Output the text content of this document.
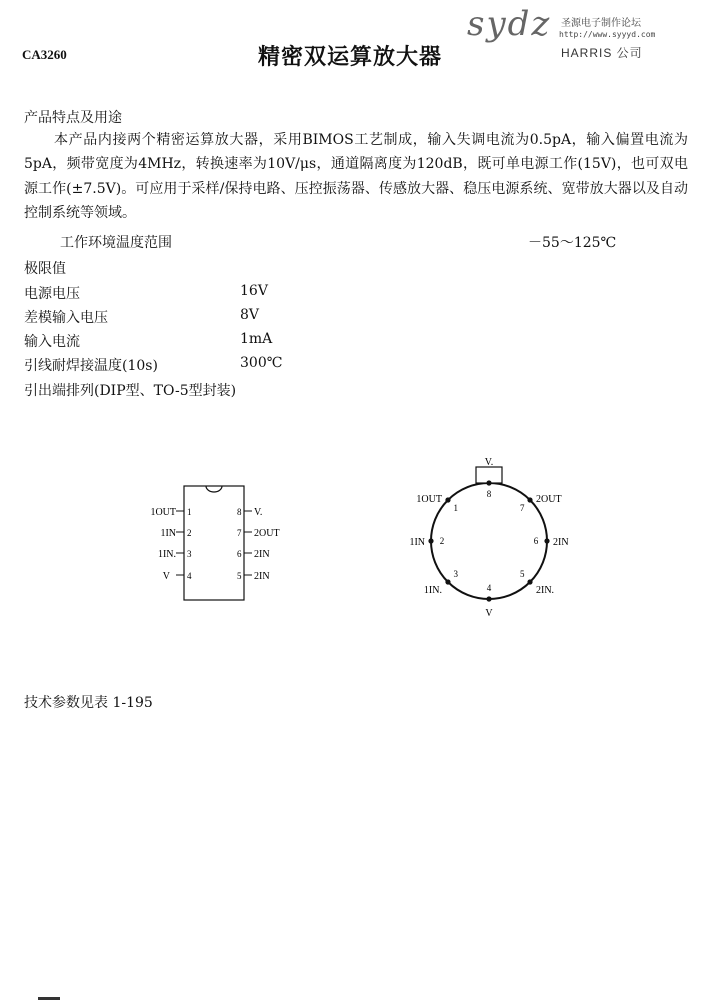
CA3260	精密双运算放大器
sydz 圣源电子制作论坛
http://www.syyyd.com
HARRIS 公司
产品特点及用途
本产品内接两个精密运算放大器，采用BIMOS工艺制成，输入失调电流为0.5pA，输入偏置电流为5pA，频带宽度为4MHz，转换速率为10V/μs，通道隔离度为120dB，既可单电源工作(15V)，也可双电源工作(±7.5V)。可应用于采样/保持电路、压控振荡器、传感放大器、稳压电源系统、宽带放大器以及自动控制系统等领域。
工作环境温度范围	－55～125℃
极限值
电源电压	16V
差模输入电压	8V
输入电流	1mA
引线耐焊接温度(10s)	300℃
引出端排列(DIP型、TO-5型封装)
1OUT
1IN
1IN.
V
1
2
3
4
8
7
6
5
V.
2OUT
2IN
2IN
8
V.
7
2OUT
6 2IN
5
2IN.
4
V
3
1IN.
2
1IN
1
1OUT
技术参数见表 1-195
